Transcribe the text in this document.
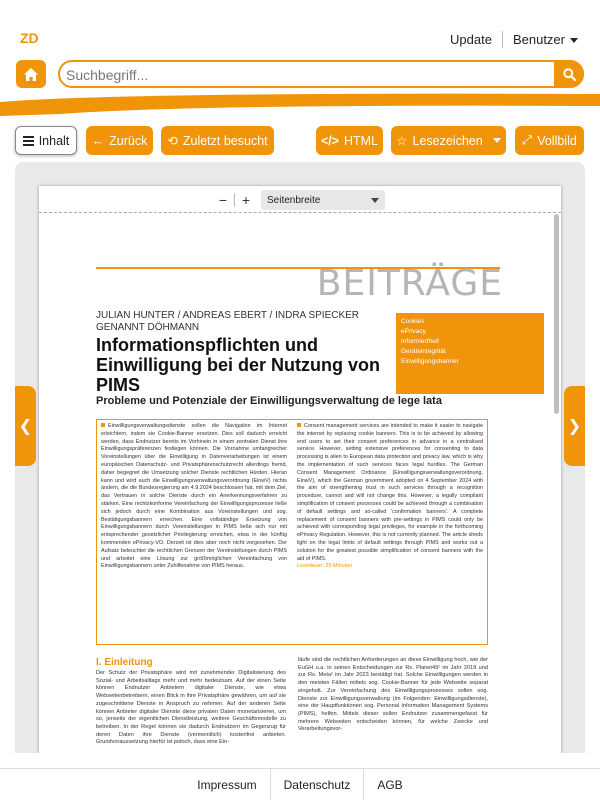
ZD	Update Benutzer
Suchbegriff...
Inhalt ← Zurück ⟲ Zuletzt besucht	</> HTML ☆ Lesezeichen	⤢ Vollbild
− + Seitenbreite
BEITRÄGE
JULIAN HUNTER / ANDREAS EBERT / INDRA SPIECKER GENANNT DÖHMANN
Informationspflichten und Einwilligung bei der Nutzung von PIMS
Probleme und Potenziale der Einwilligungsverwaltung de lege lata
Cookies
ePrivacy
Informiertheit
Geräteintegrität
Einwilligungsbanner
Einwilligungsverwaltungsdienste sollen die Navigation im Internet erleichtern, indem sie Cookie-Banner ersetzen. Dies soll dadurch erreicht werden, dass Endnutzer bereits im Vorhinein in einem zentralen Dienst ihre Einwilligungspräferenzen festlegen können. Die Vornahme umfangreicher Voreinstellungen über die Einwilligung in Datenverarbeitungen ist einem europäischen Datenschutz- und Privatsphärenschutzrecht allerdings fremd, daher begegnet die Umsetzung solcher Dienste rechtlichen Hürden. Hieran kann und wird auch die Einwilligungsverwaltungsverordnung (EinwV) nichts ändern, die die Bundesregierung am 4.9.2024 beschlossen hat, mit dem Ziel, das Vertrauen in solche Dienste durch ein Anerkennungsverfahren zu stärken. Eine rechtskonforme Vereinfachung der Einwilligungsprozesse ließe sich jedoch durch eine Kombination aus Voreinstellungen und sog. Bestätigungsbannern erreichen. Eine vollständige Ersetzung von Einwilligungsbannern durch Voreinstellungen in PIMS ließe sich nur mit entsprechender gesetzlicher Privilegierung erreichen, etwa in der künftig kommenden ePrivacy-VO. Derzeit ist dies aber noch nicht vorgesehen. Der Aufsatz beleuchtet die rechtlichen Grenzen der Voreinstellungen durch PIMS und arbeitet eine Lösung zur größtmöglichen Vereinfachung von Einwilligungsbannern unter Zuhilfenahme von PIMS heraus.
Consent management services are intended to make it easier to navigate the internet by replacing cookie banners. This is to be achieved by allowing end users to set their consent preferences in advance in a centralised service. However, setting extensive preferences for consenting to data processing is alien to European data protection and privacy law, which is why the implementation of such services faces legal hurdles. The German Consent Management Ordinance (Einwilligungsverwaltungsverordnung, EinwV), which the German government adopted on 4 September 2024 with the aim of strengthening trust in such services through a recognition procedure, cannot and will not change this. However, a legally compliant simplification of consent processes could be achieved through a combination of default settings and so-called 'confirmation banners'. A complete replacement of consent banners with pre-settings in PIMS could only be achieved with corresponding legal privileges, for example in the forthcoming ePrivacy Regulation. However, this is not currently planned. The article sheds light on the legal limits of default settings through PIMS and works out a solution for the greatest possible simplification of consent banners with the aid of PIMS.
Lesedauer: 29 Minuten
I. Einleitung
Der Schutz der Privatsphäre wird mit zunehmender Digitalisierung des Sozial- und Arbeitsalltags mehr und mehr bedeutsam. Auf der einen Seite können Endnutzer Anbietern digitaler Dienste, wie etwa Webseitenbetreibern, einen Blick in ihre Privatsphäre gewähren, um auf sie zugeschnittene Dienste in Anspruch zu nehmen. Auf der anderen Seite können Anbieter digitaler Dienste diese privaten Daten monetarisieren, um so, jenseits der eigentlichen Dienstleistung, weitere Geschäftsmodelle zu betreiben. In der Regel können sie dadurch Endnutzern im Gegenzug für deren Daten ihre Dienste (vermeintlich) kostenfrei anbieten. Grundvoraussetzung hierfür ist jedoch, dass eine Ein-
läufe sind die rechtlichen Anforderungen an diese Einwilligung hoch, wie der EuGH u.a. in seinen Entscheidungen zur Rs. Planet49¹ im Jahr 2019 und zur Rs. Meta² im Jahr 2023 bestätigt hat. Solche Einwilligungen werden in den meisten Fällen mittels sog. Cookie-Banner für jede Webseite separat eingeholt. Zur Vereinfachung des Einwilligungsprozesses sollen sog. Dienste zur Einwilligungsverwaltung (im Folgenden: Einwilligungsdienste), eine der Hauptfunktionen sog. Personal Information Management Systems (PIMS), helfen. Mittels dieser sollen Endnutzer zusammengefasst für mehrere Webseiten entscheiden können, für welche Zwecke und Verarbeitungsvor-
❮	❯
Impressum	Datenschutz	AGB
